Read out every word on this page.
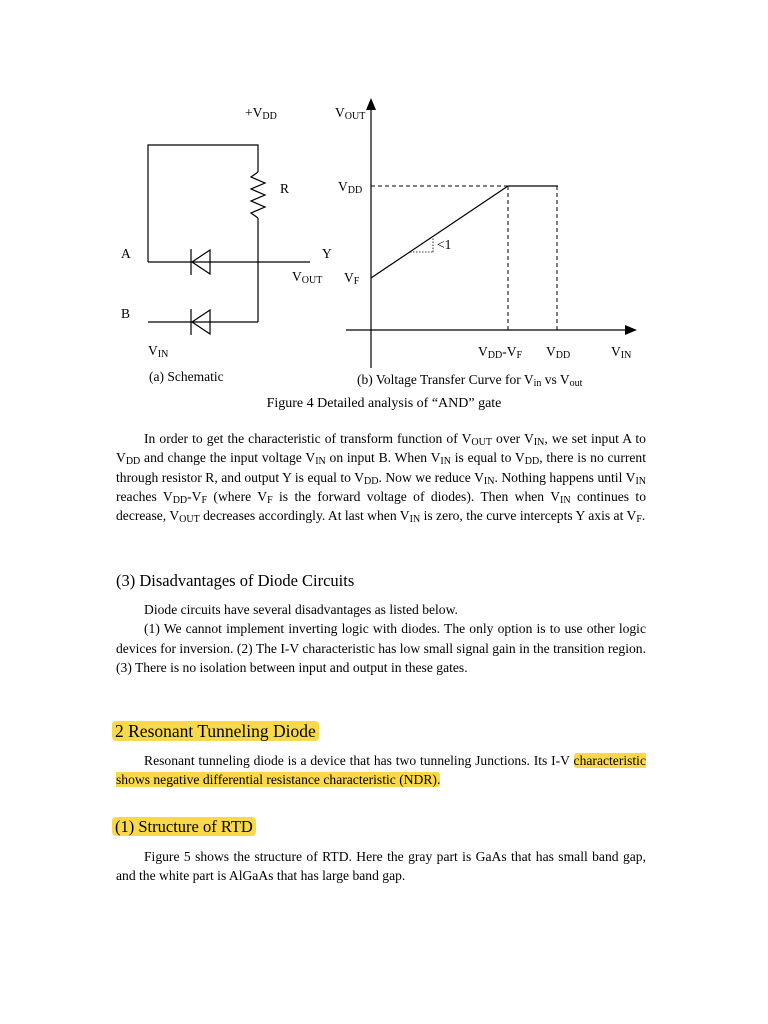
$+V_{DD}$
R
A
B
Y
$V_{OUT}$
$V_{IN}$
(a) Schematic
$V_{OUT}$
$V_{DD}$
$V_F$
<1
$V_{DD}-V_F$ $V_{DD}$	$V_{IN}$
(b) Voltage Transfer Curve for $V_{in}$ vs $V_{out}$
Figure 4 Detailed analysis of “AND” gate

In order to get the characteristic of transform function of $V_{OUT}$ over $V_{IN}$, we set input A to $V_{DD}$ and change the input voltage $V_{IN}$ on input B. When $V_{IN}$ is equal to $V_{DD}$, there is no current through resistor R, and output Y is equal to $V_{DD}$. Now we reduce $V_{IN}$. Nothing happens until $V_{IN}$ reaches $V_{DD}-V_F$ (where $V_F$ is the forward voltage of diodes). Then when $V_{IN}$ continues to decrease, $V_{OUT}$ decreases accordingly. At last when $V_{IN}$ is zero, the curve intercepts Y axis at $V_F$.

(3) Disadvantages of Diode Circuits

Diode circuits have several disadvantages as listed below.

(1) We cannot implement inverting logic with diodes. The only option is to use other logic devices for inversion. (2) The I-V characteristic has low small signal gain in the transition region. (3) There is no isolation between input and output in these gates.

2 Resonant Tunneling Diode

Resonant tunneling diode is a device that has two tunneling Junctions. Its I-V characteristic shows negative differential resistance characteristic (NDR).

(1) Structure of RTD

Figure 5 shows the structure of RTD. Here the gray part is GaAs that has small band gap, and the white part is AlGaAs that has large band gap.
